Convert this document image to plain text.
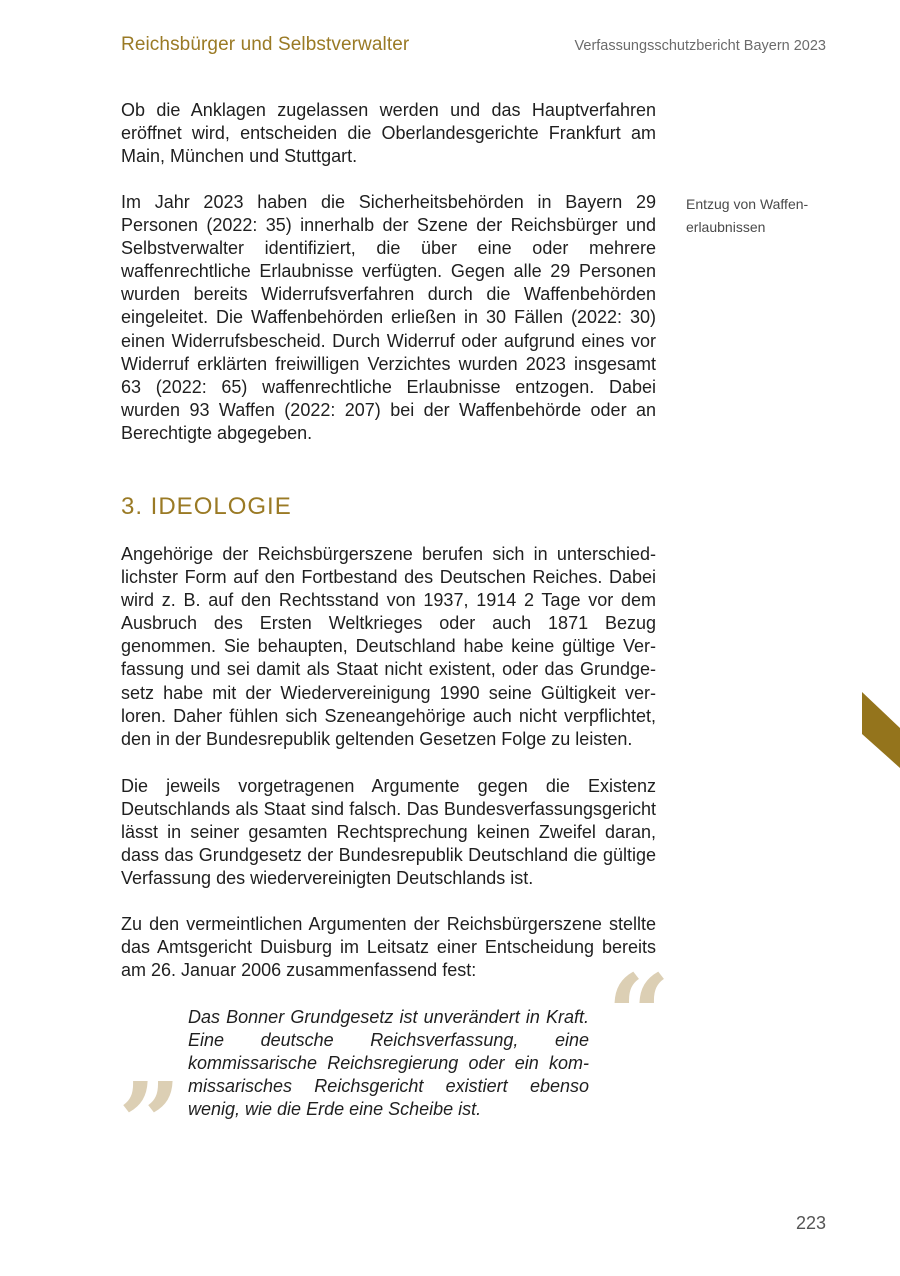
Reichsbürger und Selbstverwalter	Verfassungsschutzbericht Bayern 2023

Ob die Anklagen zugelassen werden und das Hauptverfahren eröffnet wird, entscheiden die Oberlandesgerichte Frankfurt am Main, München und Stuttgart.

Im Jahr 2023 haben die Sicherheitsbehörden in Bayern 29 Personen (2022: 35) innerhalb der Szene der Reichsbürger und Selbstverwalter identifiziert, die über eine oder mehrere waffenrechtliche Erlaubnisse verfügten. Gegen alle 29 Personen wurden bereits Widerrufsverfahren durch die Waffenbehörden eingeleitet. Die Waffenbehörden erließen in 30 Fällen (2022: 30) einen Widerrufsbescheid. Durch Widerruf oder aufgrund eines vor Widerruf erklärten freiwilligen Verzichtes wurden 2023 insgesamt 63 (2022: 65) waffenrechtliche Erlaubnisse entzogen. Dabei wurden 93 Waffen (2022: 207) bei der Waffenbehörde oder an Berechtigte abgegeben.

Entzug von Waffen-
erlaubnissen
3. IDEOLOGIE

Angehörige der Reichsbürgerszene berufen sich in unterschiedlichster Form auf den Fortbestand des Deutschen Reiches. Dabei wird z. B. auf den Rechtsstand von 1937, 1914 2 Tage vor dem Ausbruch des Ersten Weltkrieges oder auch 1871 Bezug genommen. Sie behaupten, Deutschland habe keine gültige Verfassung und sei damit als Staat nicht existent, oder das Grundgesetz habe mit der Wiedervereinigung 1990 seine Gültigkeit verloren. Daher fühlen sich Szeneangehörige auch nicht verpflichtet, den in der Bundesrepublik geltenden Gesetzen Folge zu leisten.

Die jeweils vorgetragenen Argumente gegen die Existenz Deutschlands als Staat sind falsch. Das Bundesverfassungsgericht lässt in seiner gesamten Rechtsprechung keinen Zweifel daran, dass das Grundgesetz der Bundesrepublik Deutschland die gültige Verfassung des wiedervereinigten Deutschlands ist.

Zu den vermeintlichen Argumenten der Reichsbürgerszene stellte das Amtsgericht Duisburg im Leitsatz einer Entscheidung bereits am 26. Januar 2006 zusammenfassend fest:	“
Das Bonner Grundgesetz ist unverändert in Kraft. Eine deutsche Reichsverfassung, eine kommissarische Reichsregierung oder ein kommissarisches Reichsgericht existiert ebenso wenig, wie die Erde eine Scheibe ist.
”
223
